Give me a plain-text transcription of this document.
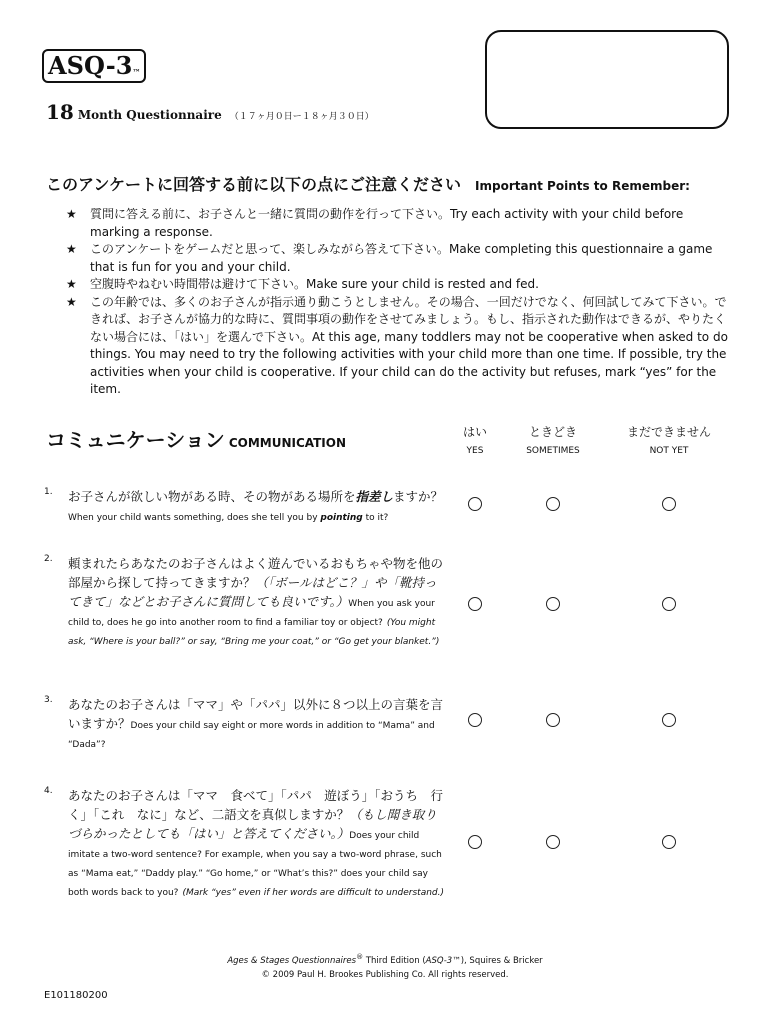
ASQ-3™
18 Month Questionnaire （１７ヶ月０日ー１８ヶ月３０日）
このアンケートに回答する前に以下の点にご注意ください Important Points to Remember:
★ 質問に答える前に、お子さんと一緒に質問の動作を行って下さい。Try each activity with your child before marking a response.
★ このアンケートをゲームだと思って、楽しみながら答えて下さい。Make completing this questionnaire a game that is fun for you and your child.
★ 空腹時やねむい時間帯は避けて下さい。Make sure your child is rested and fed.
★ この年齢では、多くのお子さんが指示通り動こうとしません。その場合、一回だけでなく、何回試してみて下さい。できれば、お子さんが協力的な時に、質問事項の動作をさせてみましょう。もし、指示された動作はできるが、やりたくない場合には、「はい」を選んで下さい。At this age, many toddlers may not be cooperative when asked to do things. You may need to try the following activities with your child more than one time. If possible, try the activities when your child is cooperative. If your child can do the activity but refuses, mark “yes” for the item.
コミュニケーション COMMUNICATION
はい
YES
ときどき
SOMETIMES
まだできません
NOT YET
1. お子さんが欲しい物がある時、その物がある場所を指差しますか？When your child wants something, does she tell you by pointing to it?
2. 頼まれたらあなたのお子さんはよく遊んでいるおもちゃや物を他の部屋から探して持ってきますか？（「ボールはどこ？」や「靴持ってきて」などとお子さんに質問しても良いです。）When you ask your child to, does he go into another room to find a familiar toy or object? (You might ask, “Where is your ball?” or say, “Bring me your coat,” or “Go get your blanket.”)
3. あなたのお子さんは「ママ」や「パパ」以外に８つ以上の言葉を言いますか？Does your child say eight or more words in addition to “Mama” and “Dada”?
4. あなたのお子さんは「ママ　食べて」「パパ　遊ぼう」「おうち　行く」「これ　なに」など、二語文を真似しますか？（もし聞き取りづらかったとしても「はい」と答えてください。）Does your child imitate a two-word sentence? For example, when you say a two-word phrase, such as “Mama eat,” “Daddy play.” “Go home,” or “What’s this?” does your child say both words back to you? (Mark “yes” even if her words are difficult to understand.)
Ages & Stages Questionnaires® Third Edition (ASQ-3™), Squires & Bricker
© 2009 Paul H. Brookes Publishing Co. All rights reserved.
E101180200
